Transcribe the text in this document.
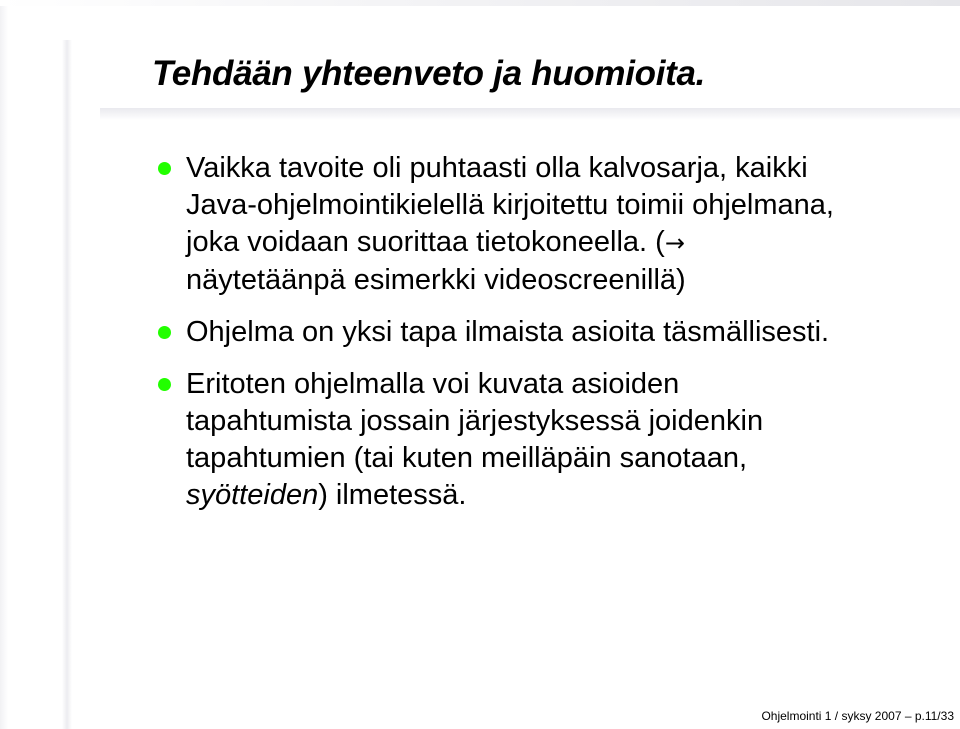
Tehdään yhteenveto ja huomioita.
Vaikka tavoite oli puhtaasti olla kalvosarja, kaikki
Java-ohjelmointikielellä kirjoitettu toimii ohjelmana,
joka voidaan suorittaa tietokoneella. (→
näytetäänpä esimerkki videoscreenillä)
Ohjelma on yksi tapa ilmaista asioita täsmällisesti.
Eritoten ohjelmalla voi kuvata asioiden
tapahtumista jossain järjestyksessä joidenkin
tapahtumien (tai kuten meilläpäin sanotaan,
syötteiden) ilmetessä.
Ohjelmointi 1 / syksy 2007 – p.11/33
